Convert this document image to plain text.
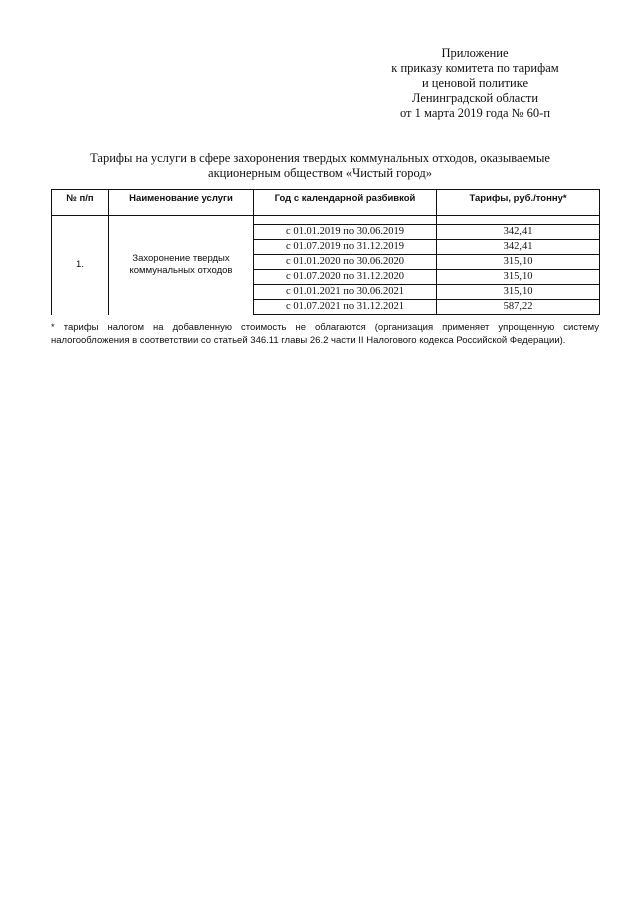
Приложение
к приказу комитета по тарифам
и ценовой политике
Ленинградской области
от 1 марта 2019 года № 60-п
Тарифы на услуги в сфере захоронения твердых коммунальных отходов, оказываемые
акционерным обществом «Чистый город»
№ п/п	Наименование услуги	Год с календарной разбивкой	Тарифы, руб./тонну*
1.	Захоронение твердых коммунальных отходов		
		с 01.01.2019 по 30.06.2019	342,41
		с 01.07.2019 по 31.12.2019	342,41
		с 01.01.2020 по 30.06.2020	315,10
		с 01.07.2020 по 31.12.2020	315,10
		с 01.01.2021 по 30.06.2021	315,10
		с 01.07.2021 по 31.12.2021	587,22
* тарифы налогом на добавленную стоимость не облагаются (организация применяет упрощенную систему налогообложения в соответствии со статьей 346.11 главы 26.2 части II Налогового кодекса Российской Федерации).
